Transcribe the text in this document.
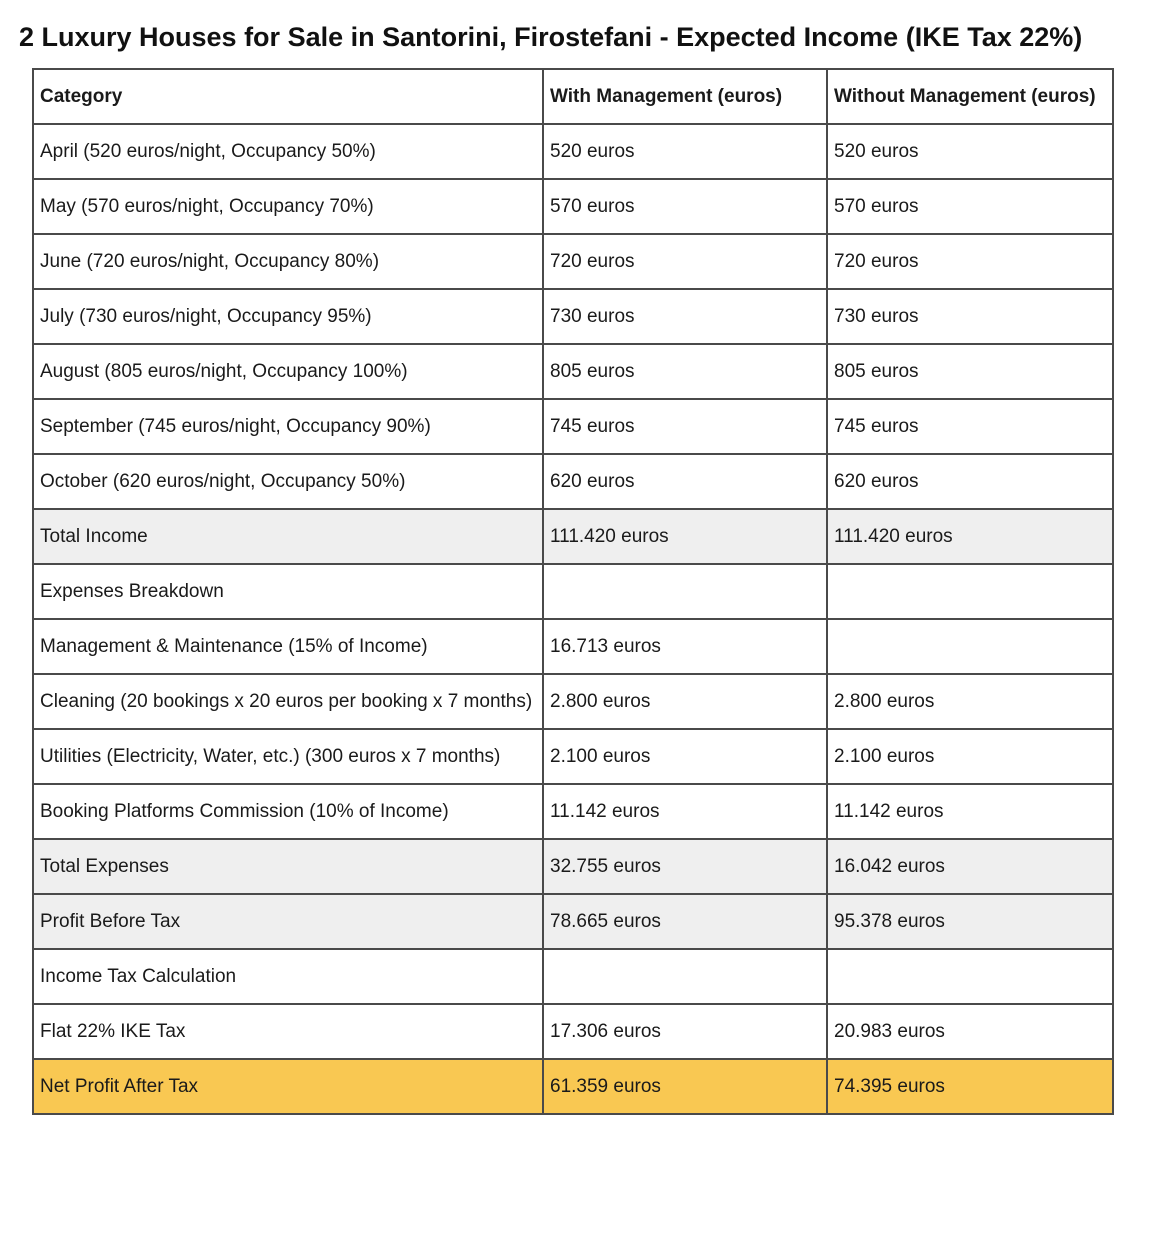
2 Luxury Houses for Sale in Santorini, Firostefani - Expected Income (IKE Tax 22%)
Category	With Management (euros)	Without Management (euros)
April (520 euros/night, Occupancy 50%)	520 euros	520 euros
May (570 euros/night, Occupancy 70%)	570 euros	570 euros
June (720 euros/night, Occupancy 80%)	720 euros	720 euros
July (730 euros/night, Occupancy 95%)	730 euros	730 euros
August (805 euros/night, Occupancy 100%)	805 euros	805 euros
September (745 euros/night, Occupancy 90%)	745 euros	745 euros
October (620 euros/night, Occupancy 50%)	620 euros	620 euros
Total Income	111.420 euros	111.420 euros
Expenses Breakdown		
Management & Maintenance (15% of Income)	16.713 euros	
Cleaning (20 bookings x 20 euros per booking x 7 months)	2.800 euros	2.800 euros
Utilities (Electricity, Water, etc.) (300 euros x 7 months)	2.100 euros	2.100 euros
Booking Platforms Commission (10% of Income)	11.142 euros	11.142 euros
Total Expenses	32.755 euros	16.042 euros
Profit Before Tax	78.665 euros	95.378 euros
Income Tax Calculation		
Flat 22% IKE Tax	17.306 euros	20.983 euros
Net Profit After Tax	61.359 euros	74.395 euros
